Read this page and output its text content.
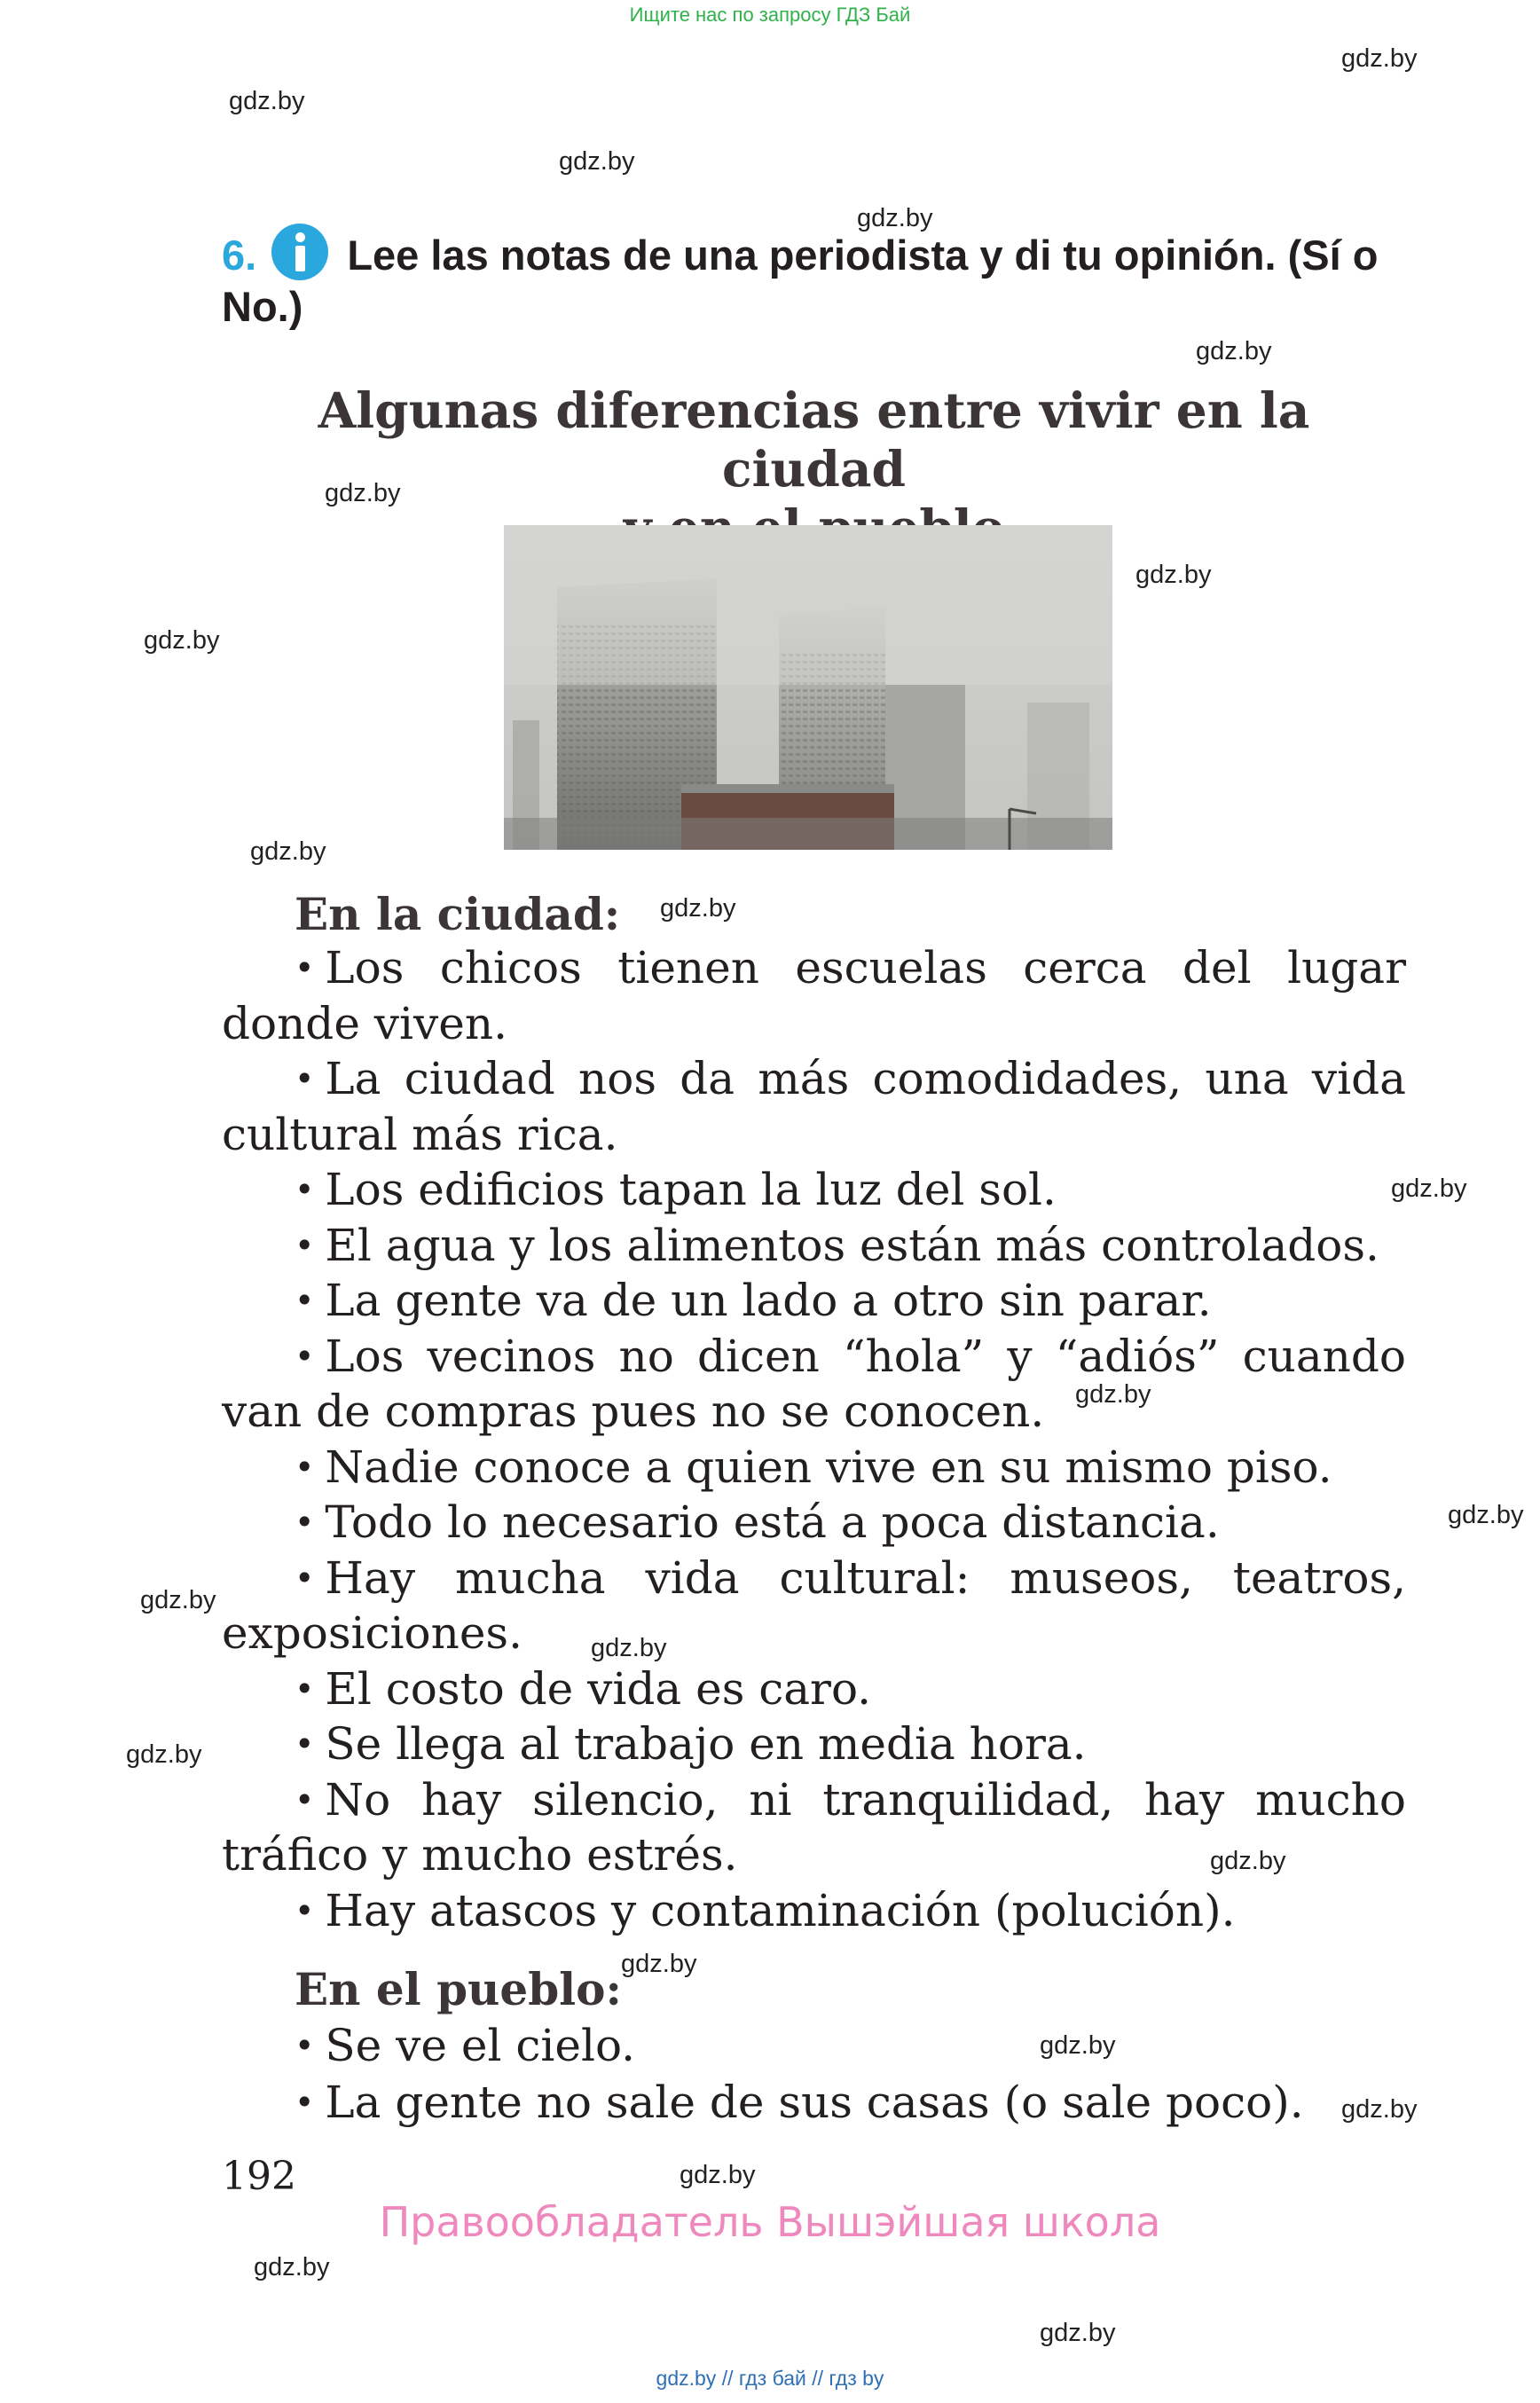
Ищите нас по запросу ГДЗ Бай
gdz.by
gdz.by
gdz.by
gdz.by
gdz.by
gdz.by
gdz.by
gdz.by
gdz.by
gdz.by
gdz.by
gdz.by
gdz.by
gdz.by
gdz.by
gdz.by
gdz.by
gdz.by
gdz.by
gdz.by
gdz.by
gdz.by
gdz.by
6. Lee las notas de una periodista y di tu opinión. (Sí o No.)
Algunas diferencias entre vivir en la ciudad
En la ciudad:

• Los chicos tienen escuelas cerca del lugar donde viven.

• La ciudad nos da más comodidades, una vida cultural más rica.

• Los edificios tapan la luz del sol.

• El agua y los alimentos están más controlados.

• La gente va de un lado a otro sin parar.

• Los vecinos no dicen “hola” y “adiós” cuando van de compras pues no se conocen.

• Nadie conoce a quien vive en su mismo piso.

• Todo lo necesario está a poca distancia.

• Hay mucha vida cultural: museos, teatros, exposiciones.

• El costo de vida es caro.

• Se llega al trabajo en media hora.

• No hay silencio, ni tranquilidad, hay mucho tráfico y mucho estrés.

• Hay atascos y contaminación (polución).

En el pueblo:

• Se ve el cielo.

• La gente no sale de sus casas (o sale poco).

192
Правообладатель Вышэйшая школа
gdz.by // гдз бай // гдз by
